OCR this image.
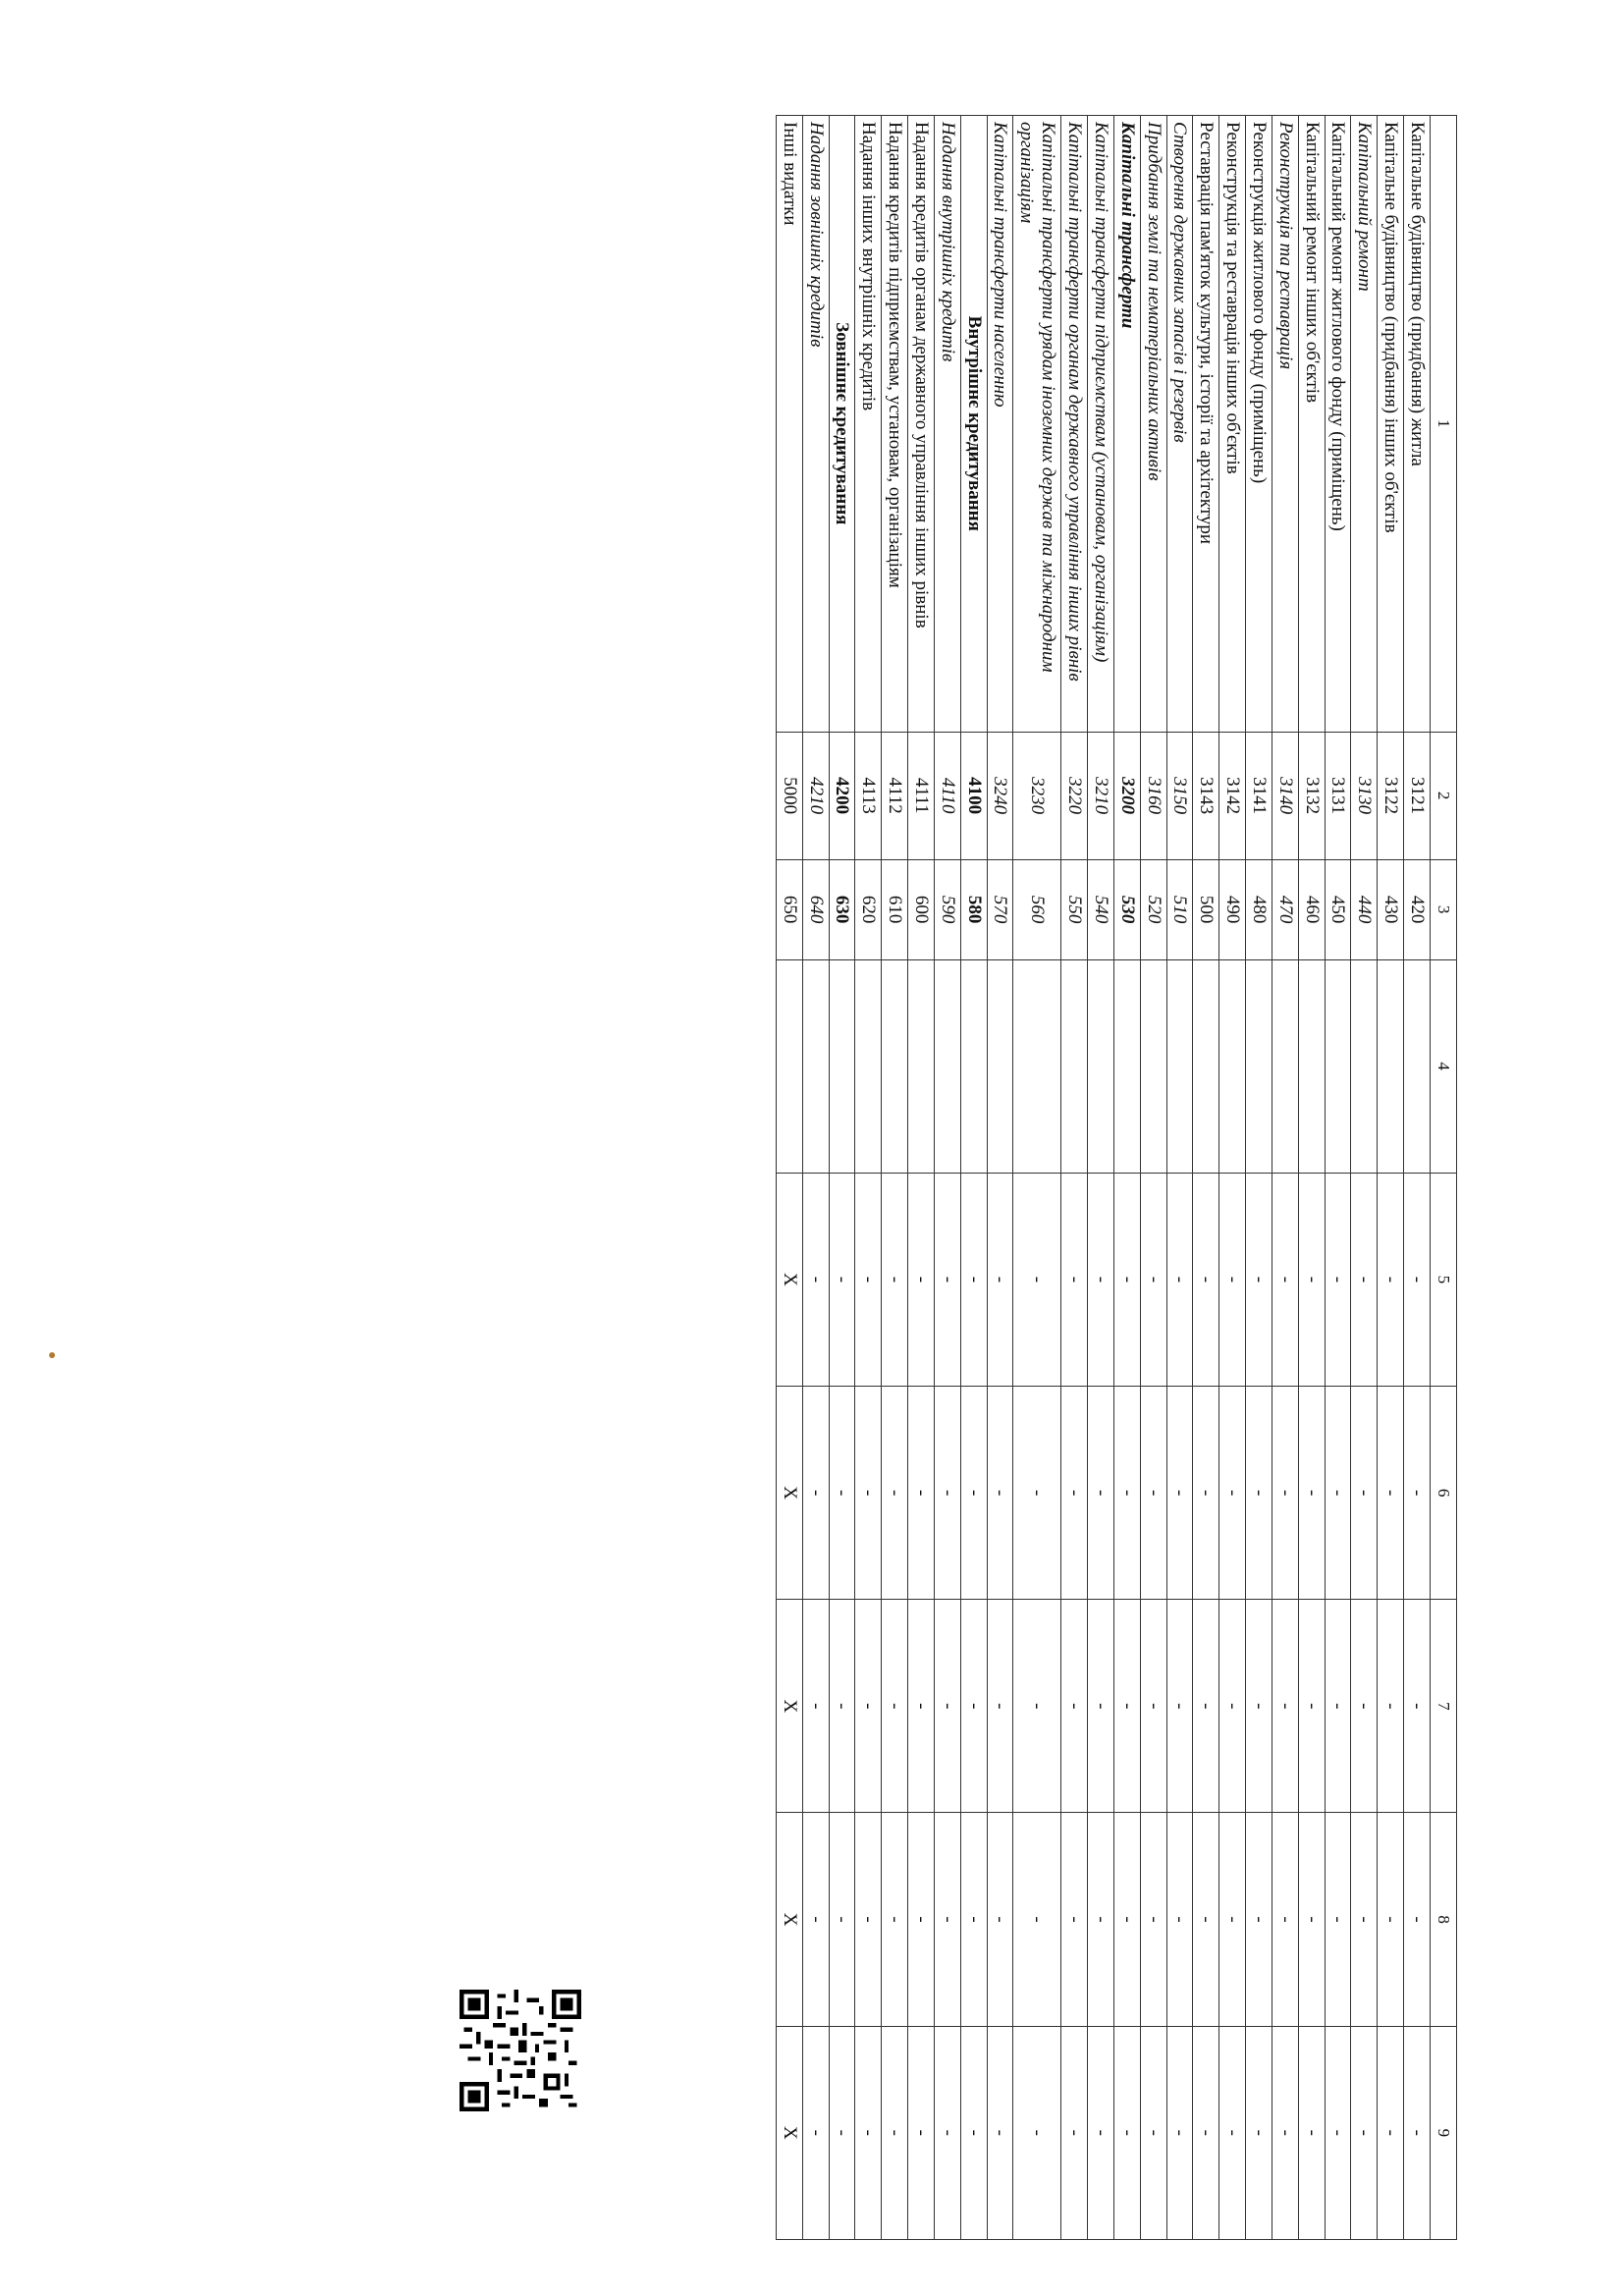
1	2	3	4	5	6	7	8	9
Капітальне будівництво (придбання) житла	3121	420		-	-	-	-	-
Капітальне будівництво (придбання) інших об'єктів	3122	430		-	-	-	-	-
Капітальний ремонт	3130	440		-	-	-	-	-
Капітальний ремонт житлового фонду (приміщень)	3131	450		-	-	-	-	-
Капітальний ремонт інших об'єктів	3132	460		-	-	-	-	-
Реконструкція та реставрація	3140	470		-	-	-	-	-
Реконструкція житлового фонду (приміщень)	3141	480		-	-	-	-	-
Реконструкція та реставрація інших об'єктів	3142	490		-	-	-	-	-
Реставрація пам'яток культури, історії та архітектури	3143	500		-	-	-	-	-
Створення державних запасів і резервів	3150	510		-	-	-	-	-
Придбання землі та нематеріальних активів	3160	520		-	-	-	-	-
Капітальні трансферти	3200	530		-	-	-	-	-
Капітальні трансферти підприємствам (установам, організаціям)	3210	540		-	-	-	-	-
Капітальні трансферти органам державного управління інших рівнів	3220	550		-	-	-	-	-
Капітальні трансферти урядам іноземних держав та міжнародним організаціям	3230	560		-	-	-	-	-
Капітальні трансферти населенню	3240	570		-	-	-	-	-
Внутрішнє кредитування	4100	580		-	-	-	-	-
Надання внутрішніх кредитів	4110	590		-	-	-	-	-
Надання кредитів органам державного управління інших рівнів	4111	600		-	-	-	-	-
Надання кредитів підприємствам, установам, організаціям	4112	610		-	-	-	-	-
Надання інших внутрішніх кредитів	4113	620		-	-	-	-	-
Зовнішнє кредитування	4200	630		-	-	-	-	-
Надання зовнішніх кредитів	4210	640		-	-	-	-	-
Інші видатки	5000	650		X	X	X	X	X
